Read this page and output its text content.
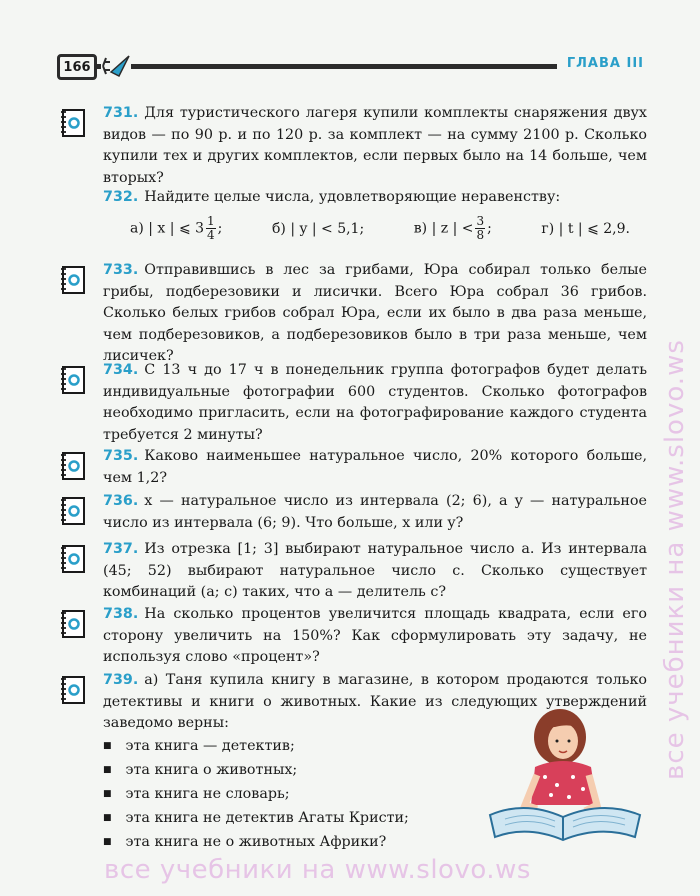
166	ГЛАВА III
731. Для туристического лагеря купили комплекты снаряжения двух видов — по 90 р. и по 120 р. за комплект — на сумму 2100 р. Сколько купили тех и других комплектов, если первых было на 14 больше, чем вторых?
732. Найдите целые числа, удовлетворяющие неравенству:
а) | x | ⩽ $3 \frac{1}{4}$ ;	б) | y | < 5,1;	в) | z | < $\frac{3}{8}$ ;	г) | t | ⩽ 2,9.
733. Отправившись в лес за грибами, Юра собирал только белые грибы, подберезовики и лисички. Всего Юра собрал 36 грибов. Сколько белых грибов собрал Юра, если их было в два раза меньше, чем подберезовиков, а подберезовиков было в три раза меньше, чем лисичек?
734. С 13 ч до 17 ч в понедельник группа фотографов будет делать индивидуальные фотографии 600 студентов. Сколько фотографов необходимо пригласить, если на фотографирование каждого студента требуется 2 минуты?
735. Каково наименьшее натуральное число, 20% которого больше, чем 1,2?
736. x — натуральное число из интервала (2; 6), а y — натуральное число из интервала (6; 9). Что больше, x или y?
737. Из отрезка [1; 3] выбирают натуральное число a. Из интервала (45; 52) выбирают натуральное число c. Сколько существует комбинаций (a; c) таких, что a — делитель c?
738. На сколько процентов увеличится площадь квадрата, если его сторону увеличить на 150%? Как сформулировать эту задачу, не используя слово «процент»?
739. а) Таня купила книгу в магазине, в котором продаются только детективы и книги о животных. Какие из следующих утверждений заведомо верны:
■ эта книга — детектив;
■ эта книга о животных;
■ эта книга не словарь;
■ эта книга не детектив Агаты Кристи;
■ эта книга не о животных Африки?
все учебники на www.slovo.ws
все учебники на www.slovo.ws
